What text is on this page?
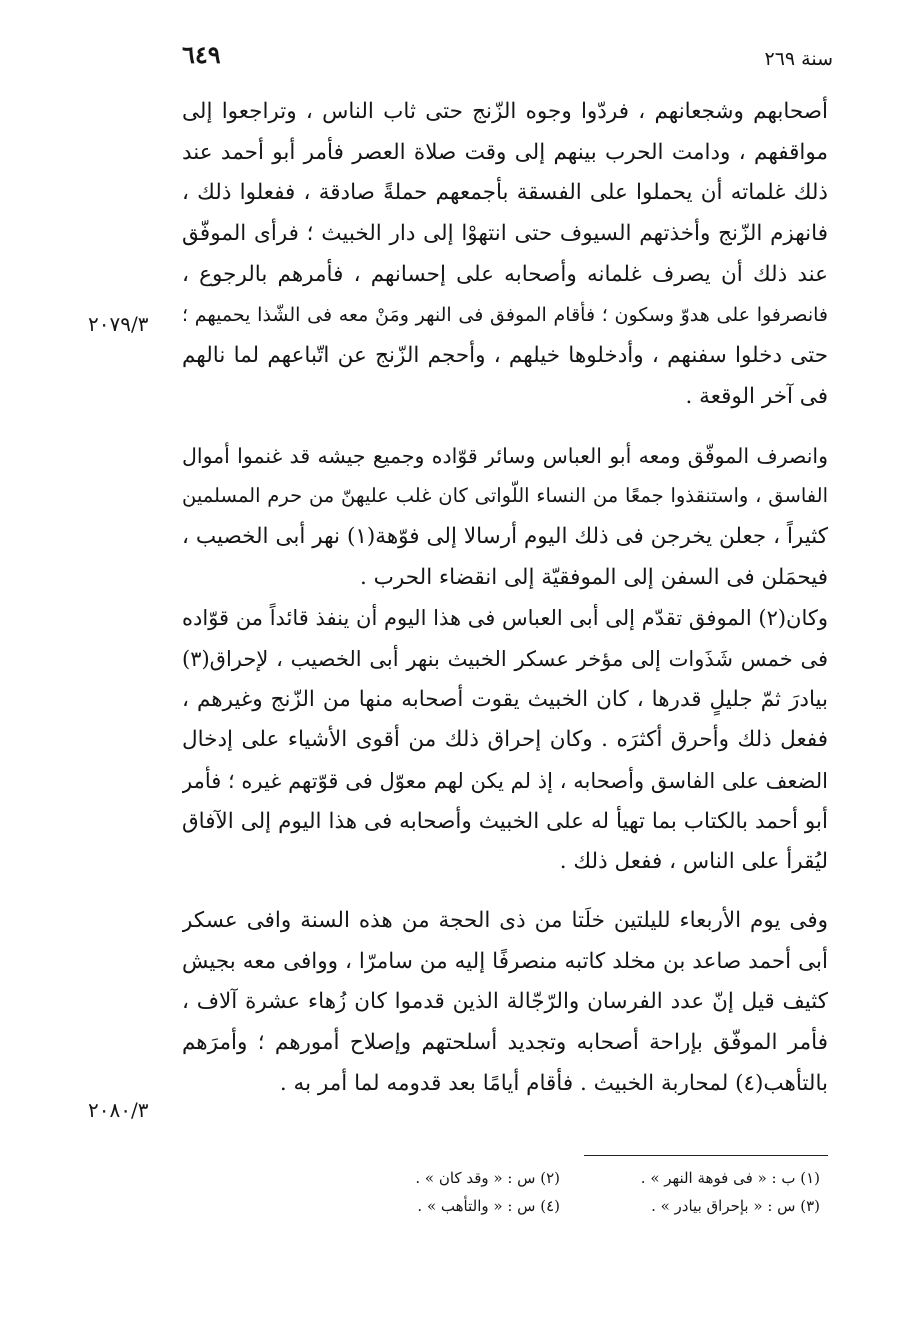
سنة ٢٦٩
٦٤٩
٢٠٧٩/٣
٢٠٨٠/٣
أصحابهم وشجعانهم ، فردّوا وجوه الزّنج حتى ثاب الناس ، وتراجعوا إلى
مواقفهم ، ودامت الحرب بينهم إلى وقت صلاة العصر فأمر أبو أحمد عند
ذلك غلماته أن يحملوا على الفسقة بأجمعهم حملةً صادقة ، ففعلوا ذلك ،
فانهزم الزّنج وأخذتهم السيوف حتى انتهوْا إلى دار الخبيث ؛ فرأى الموفّق
عند ذلك أن يصرف غلمانه وأصحابه على إحسانهم ، فأمرهم بالرجوع ،
فانصرفوا على هدوّ وسكون ؛ فأقام الموفق فى النهر ومَنْ معه فى الشّذا يحميهم ؛
حتى دخلوا سفنهم ، وأدخلوها خيلهم ، وأحجم الزّنج عن اتّباعهم لما نالهم
فى آخر الوقعة .
وانصرف الموفّق ومعه أبو العباس وسائر قوّاده وجميع جيشه قد غنموا أموال
الفاسق ، واستنقذوا جمعًا من النساء اللّواتى كان غلب عليهنّ من حرم المسلمين
كثيراً ، جعلن يخرجن فى ذلك اليوم أرسالا إلى فوّهة(١) نهر أبى الخصيب ،
فيحمَلن فى السفن إلى الموفقيّة إلى انقضاء الحرب .
وكان(٢) الموفق تقدّم إلى أبى العباس فى هذا اليوم أن ينفذ قائداً من قوّاده
فى خمس شَذَوات إلى مؤخر عسكر الخبيث بنهر أبى الخصيب ، لإحراق(٣)
بيادرَ ثمّ جليلٍ قدرها ، كان الخبيث يقوت أصحابه منها من الزّنج وغيرهم ،
ففعل ذلك وأحرق أكثرَه . وكان إحراق ذلك من أقوى الأشياء على إدخال
الضعف على الفاسق وأصحابه ، إذ لم يكن لهم معوّل فى قوّتهم غيره ؛ فأمر
أبو أحمد بالكتاب بما تهيأ له على الخبيث وأصحابه فى هذا اليوم إلى الآفاق
ليُقرأ على الناس ، ففعل ذلك .
وفى يوم الأربعاء لليلتين خلَتا من ذى الحجة من هذه السنة وافى عسكر
أبى أحمد صاعد بن مخلد كاتبه منصرفًا إليه من سامرّا ، ووافى معه بجيش
كثيف قيل إنّ عدد الفرسان والرّجّالة الذين قدموا كان زُهاء عشرة آلاف ،
فأمر الموفّق بإراحة أصحابه وتجديد أسلحتهم وإصلاح أمورهم ؛ وأمرَهم
بالتأهب(٤) لمحاربة الخبيث . فأقام أيامًا بعد قدومه لما أمر به .
(١) ب : « فى فوهة النهر » .
(٢) س : « وقد كان » .
(٣) س : « بإحراق بيادر » .
(٤) س : « والتأهب » .
